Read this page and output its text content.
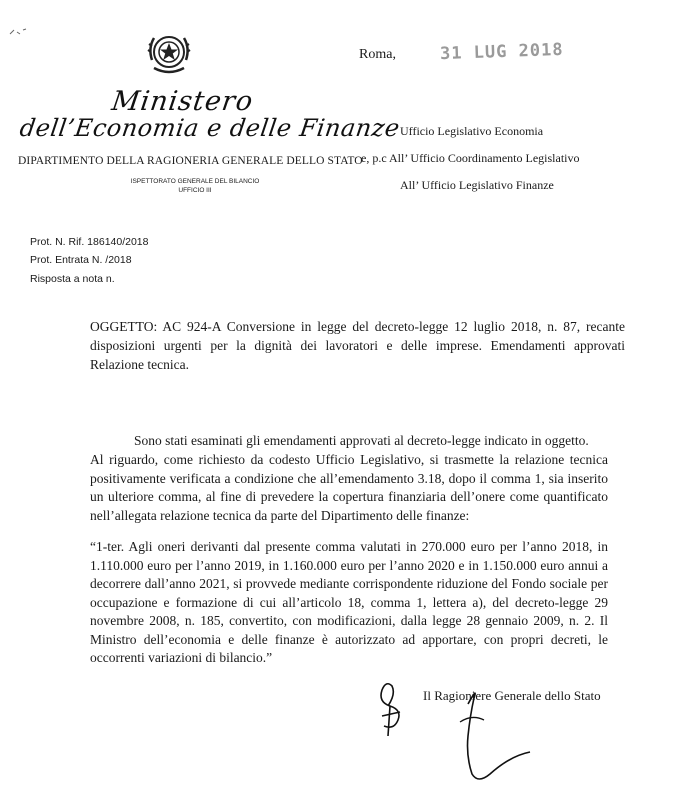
Ministero
dell’Economia e delle Finanze
DIPARTIMENTO DELLA RAGIONERIA GENERALE DELLO STATO
ISPETTORATO GENERALE DEL BILANCIO
UFFICIO III
Roma,	31 LUG 2018
Ufficio Legislativo Economia
e, p.c All’ Ufficio Coordinamento Legislativo
All’ Ufficio Legislativo Finanze
Prot. N. Rif. 186140/2018
Prot. Entrata N. /2018
Risposta a nota n.
OGGETTO: AC 924-A Conversione in legge del decreto-legge 12 luglio 2018, n. 87, recante disposizioni urgenti per la dignità dei lavoratori e delle imprese. Emendamenti approvati Relazione tecnica.
Sono stati esaminati gli emendamenti approvati al decreto-legge indicato in oggetto.
Al riguardo, come richiesto da codesto Ufficio Legislativo, si trasmette la relazione tecnica positivamente verificata a condizione che all’emendamento 3.18, dopo il comma 1, sia inserito un ulteriore comma, al fine di prevedere la copertura finanziaria dell’onere come quantificato nell’allegata relazione tecnica da parte del Dipartimento delle finanze:
“1-ter. Agli oneri derivanti dal presente comma valutati in 270.000 euro per l’anno 2018, in 1.110.000 euro per l’anno 2019, in 1.160.000 euro per l’anno 2020 e in 1.150.000 euro annui a decorrere dall’anno 2021, si provvede mediante corrispondente riduzione del Fondo sociale per occupazione e formazione di cui all’articolo 18, comma 1, lettera a), del decreto-legge 29 novembre 2008, n. 185, convertito, con modificazioni, dalla legge 28 gennaio 2009, n. 2. Il Ministro dell’economia e delle finanze è autorizzato ad apportare, con propri decreti, le occorrenti variazioni di bilancio.”
Il Ragioniere Generale dello Stato
